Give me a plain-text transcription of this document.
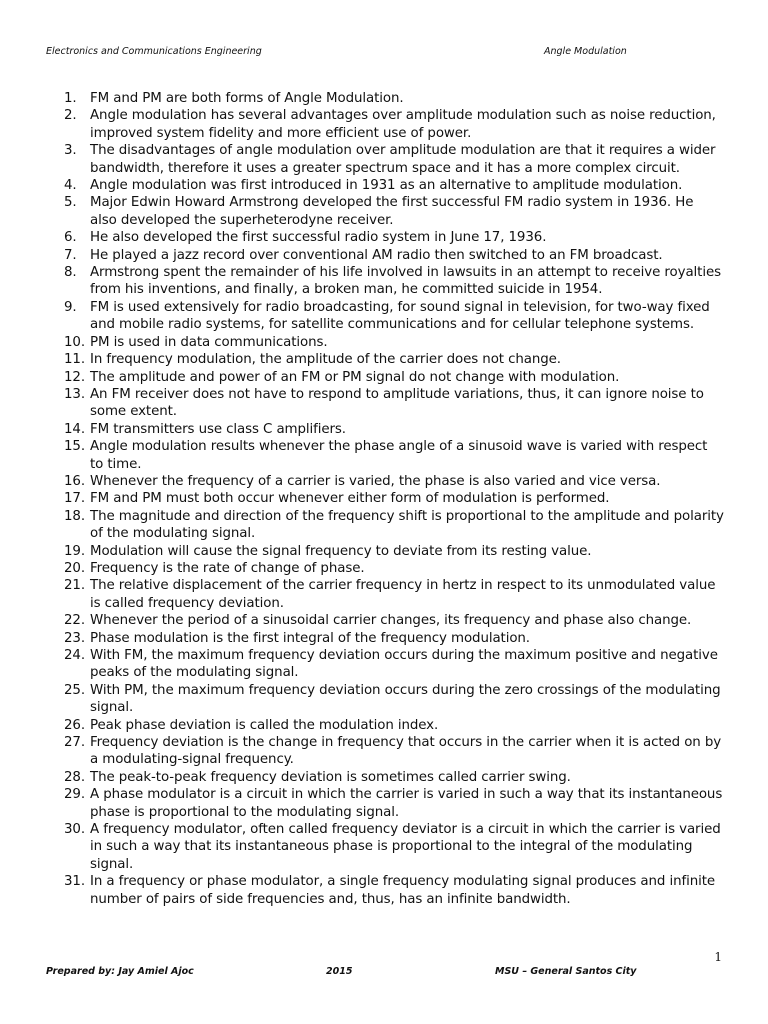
Electronics and Communications Engineering	Angle Modulation
1.	FM and PM are both forms of Angle Modulation.
2.	Angle modulation has several advantages over amplitude modulation such as noise reduction, improved system fidelity and more efficient use of power.
3.	The disadvantages of angle modulation over amplitude modulation are that it requires a wider bandwidth, therefore it uses a greater spectrum space and it has a more complex circuit.
4.	Angle modulation was first introduced in 1931 as an alternative to amplitude modulation.
5.	Major Edwin Howard Armstrong developed the first successful FM radio system in 1936. He also developed the superheterodyne receiver.
6.	He also developed the first successful radio system in June 17, 1936.
7.	He played a jazz record over conventional AM radio then switched to an FM broadcast.
8.	Armstrong spent the remainder of his life involved in lawsuits in an attempt to receive royalties from his inventions, and finally, a broken man, he committed suicide in 1954.
9.	FM is used extensively for radio broadcasting, for sound signal in television, for two-way fixed and mobile radio systems, for satellite communications and for cellular telephone systems.
10. PM is used in data communications.
11. In frequency modulation, the amplitude of the carrier does not change.
12. The amplitude and power of an FM or PM signal do not change with modulation.
13. An FM receiver does not have to respond to amplitude variations, thus, it can ignore noise to some extent.
14. FM transmitters use class C amplifiers.
15. Angle modulation results whenever the phase angle of a sinusoid wave is varied with respect to time.
16. Whenever the frequency of a carrier is varied, the phase is also varied and vice versa.
17. FM and PM must both occur whenever either form of modulation is performed.
18. The magnitude and direction of the frequency shift is proportional to the amplitude and polarity of the modulating signal.
19. Modulation will cause the signal frequency to deviate from its resting value.
20. Frequency is the rate of change of phase.
21. The relative displacement of the carrier frequency in hertz in respect to its unmodulated value is called frequency deviation.
22. Whenever the period of a sinusoidal carrier changes, its frequency and phase also change.
23. Phase modulation is the first integral of the frequency modulation.
24. With FM, the maximum frequency deviation occurs during the maximum positive and negative peaks of the modulating signal.
25. With PM, the maximum frequency deviation occurs during the zero crossings of the modulating signal.
26. Peak phase deviation is called the modulation index.
27. Frequency deviation is the change in frequency that occurs in the carrier when it is acted on by a modulating-signal frequency.
28. The peak-to-peak frequency deviation is sometimes called carrier swing.
29. A phase modulator is a circuit in which the carrier is varied in such a way that its instantaneous phase is proportional to the modulating signal.
30. A frequency modulator, often called frequency deviator is a circuit in which the carrier is varied in such a way that its instantaneous phase is proportional to the integral of the modulating signal.
31. In a frequency or phase modulator, a single frequency modulating signal produces and infinite number of pairs of side frequencies and, thus, has an infinite bandwidth.
1
Prepared by: Jay Amiel Ajoc	2015	MSU – General Santos City
